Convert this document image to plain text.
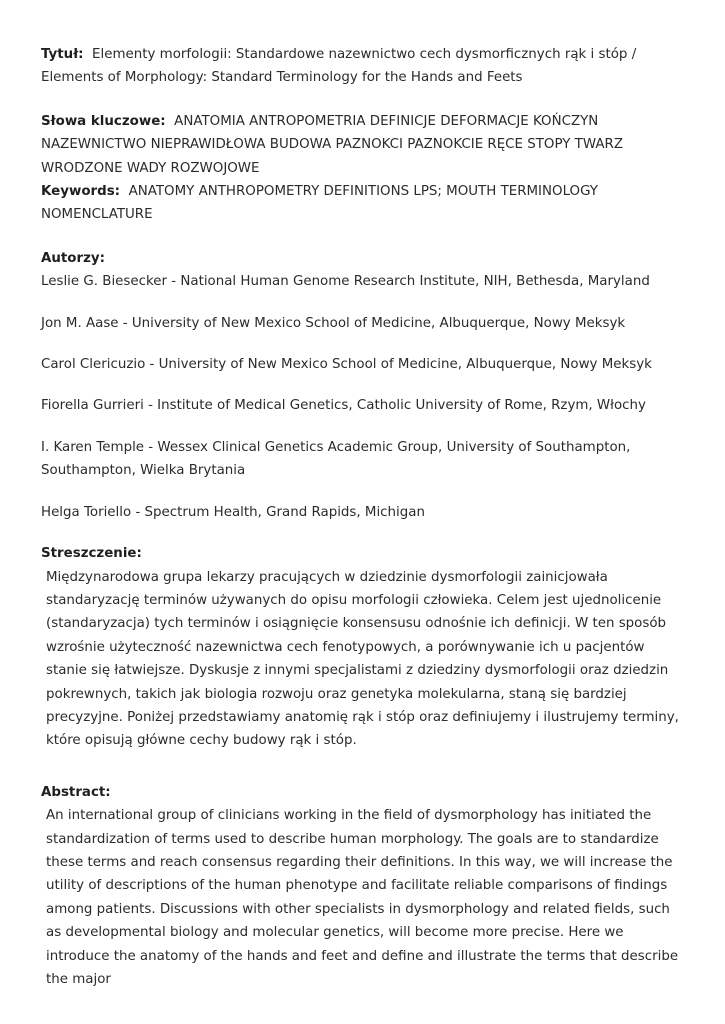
Tytuł: Elementy morfologii: Standardowe nazewnictwo cech dysmorficznych rąk i stóp / Elements of Morphology: Standard Terminology for the Hands and Feets

Słowa kluczowe: ANATOMIA ANTROPOMETRIA DEFINICJE DEFORMACJE KOŃCZYN NAZEWNICTWO NIEPRAWIDŁOWA BUDOWA PAZNOKCI PAZNOKCIE RĘCE STOPY TWARZ WRODZONE WADY ROZWOJOWE

Keywords: ANATOMY ANTHROPOMETRY DEFINITIONS LPS; MOUTH TERMINOLOGY NOMENCLATURE

Autorzy:

Leslie G. Biesecker - National Human Genome Research Institute, NIH, Bethesda, Maryland

Jon M. Aase - University of New Mexico School of Medicine, Albuquerque, Nowy Meksyk

Carol Clericuzio - University of New Mexico School of Medicine, Albuquerque, Nowy Meksyk

Fiorella Gurrieri - Institute of Medical Genetics, Catholic University of Rome, Rzym, Włochy

I. Karen Temple - Wessex Clinical Genetics Academic Group, University of Southampton, Southampton, Wielka Brytania

Helga Toriello - Spectrum Health, Grand Rapids, Michigan

Streszczenie:

Międzynarodowa grupa lekarzy pracujących w dziedzinie dysmorfologii zainicjowała standaryzację terminów używanych do opisu morfologii człowieka. Celem jest ujednolicenie (standaryzacja) tych terminów i osiągnięcie konsensusu odnośnie ich definicji. W ten sposób wzrośnie użyteczność nazewnictwa cech fenotypowych, a porównywanie ich u pacjentów stanie się łatwiejsze. Dyskusje z innymi specjalistami z dziedziny dysmorfologii oraz dziedzin pokrewnych, takich jak biologia rozwoju oraz genetyka molekularna, staną się bardziej precyzyjne. Poniżej przedstawiamy anatomię rąk i stóp oraz definiujemy i ilustrujemy terminy, które opisują główne cechy budowy rąk i stóp.

Abstract:

An international group of clinicians working in the field of dysmorphology has initiated the standardization of terms used to describe human morphology. The goals are to standardize these terms and reach consensus regarding their definitions. In this way, we will increase the utility of descriptions of the human phenotype and facilitate reliable comparisons of findings among patients. Discussions with other specialists in dysmorphology and related fields, such as developmental biology and molecular genetics, will become more precise. Here we introduce the anatomy of the hands and feet and define and illustrate the terms that describe the major
